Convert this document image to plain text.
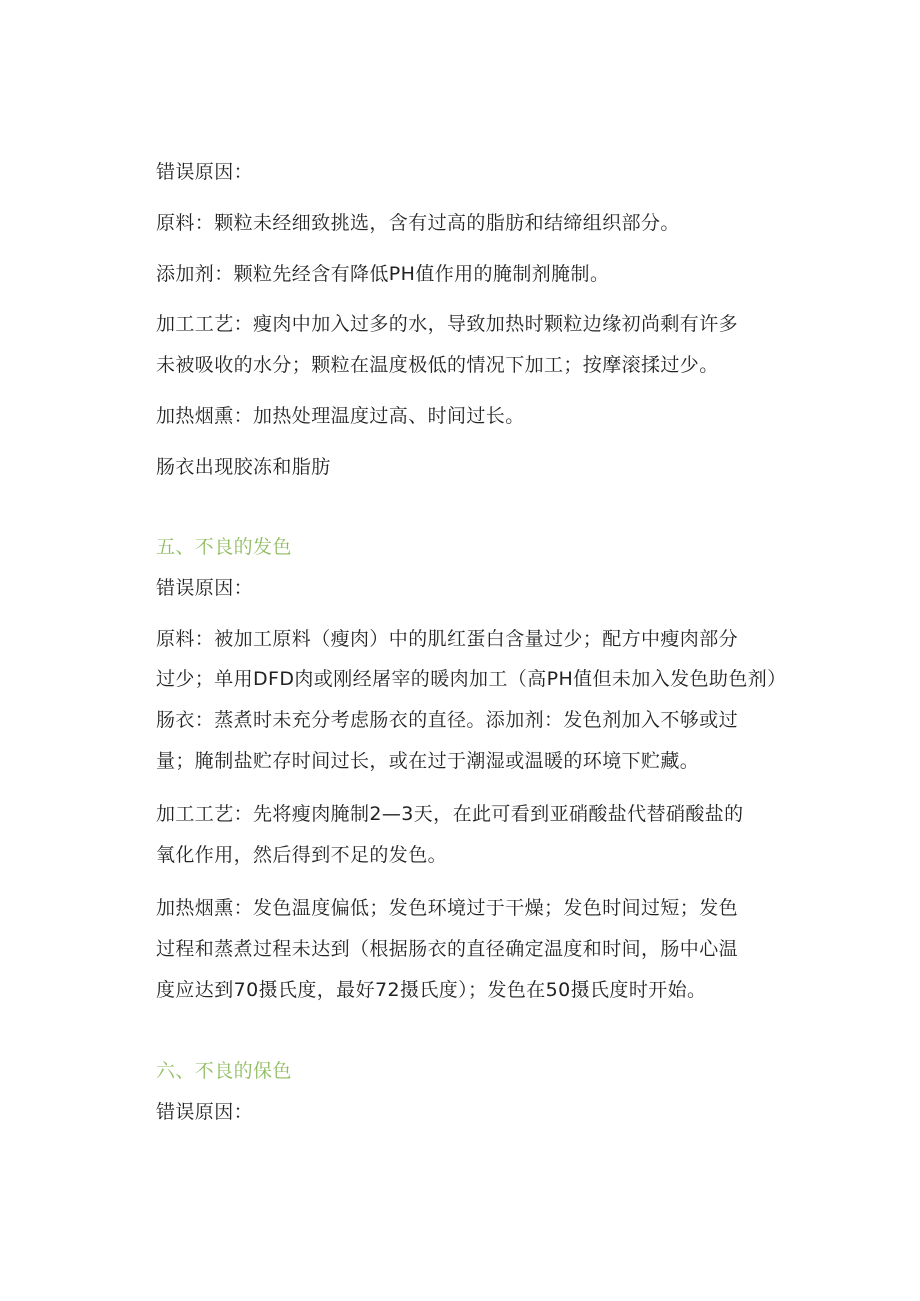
错误原因：
原料：颗粒未经细致挑选，含有过高的脂肪和结缔组织部分。
添加剂：颗粒先经含有降低PH值作用的腌制剂腌制。
加工工艺：瘦肉中加入过多的水，导致加热时颗粒边缘初尚剩有许多
未被吸收的水分；颗粒在温度极低的情况下加工；按摩滚揉过少。
加热烟熏：加热处理温度过高、时间过长。
肠衣出现胶冻和脂肪
五、不良的发色
错误原因：
原料：被加工原料（瘦肉）中的肌红蛋白含量过少；配方中瘦肉部分
过少；单用DFD肉或刚经屠宰的暖肉加工（高PH值但未加入发色助色剂）
肠衣：蒸煮时未充分考虑肠衣的直径。添加剂：发色剂加入不够或过
量；腌制盐贮存时间过长，或在过于潮湿或温暖的环境下贮藏。
加工工艺：先将瘦肉腌制2—3天，在此可看到亚硝酸盐代替硝酸盐的
氧化作用，然后得到不足的发色。
加热烟熏：发色温度偏低；发色环境过于干燥；发色时间过短；发色
过程和蒸煮过程未达到（根据肠衣的直径确定温度和时间，肠中心温
度应达到70摄氏度，最好72摄氏度）；发色在50摄氏度时开始。
六、不良的保色
错误原因：
